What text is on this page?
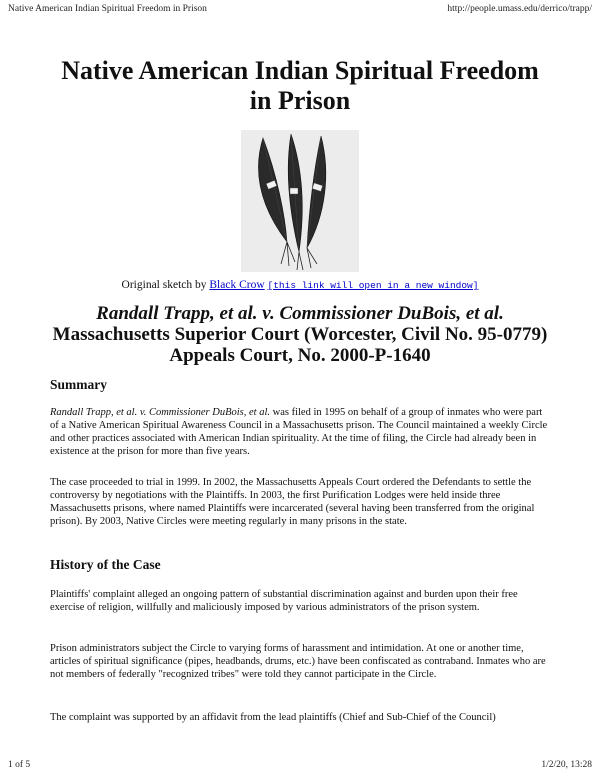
Native American Indian Spiritual Freedom in Prison	http://people.umass.edu/derrico/trapp/
Native American Indian Spiritual Freedom in Prison
Original sketch by Black Crow [this link will open in a new window]
Randall Trapp, et al. v. Commissioner DuBois, et al.
Massachusetts Superior Court (Worcester, Civil No. 95-0779)
Appeals Court, No. 2000-P-1640
Summary

Randall Trapp, et al. v. Commissioner DuBois, et al. was filed in 1995 on behalf of a group of inmates who were part of a Native American Spiritual Awareness Council in a Massachusetts prison. The Council maintained a weekly Circle and other practices associated with American Indian spirituality. At the time of filing, the Circle had already been in existence at the prison for more than five years.

The case proceeded to trial in 1999. In 2002, the Massachusetts Appeals Court ordered the Defendants to settle the controversy by negotiations with the Plaintiffs. In 2003, the first Purification Lodges were held inside three Massachusetts prisons, where named Plaintiffs were incarcerated (several having been transferred from the original prison). By 2003, Native Circles were meeting regularly in many prisons in the state.

History of the Case

Plaintiffs' complaint alleged an ongoing pattern of substantial discrimination against and burden upon their free exercise of religion, willfully and maliciously imposed by various administrators of the prison system.

Prison administrators subject the Circle to varying forms of harassment and intimidation. At one or another time, articles of spiritual significance (pipes, headbands, drums, etc.) have been confiscated as contraband. Inmates who are not members of federally "recognized tribes" were told they cannot participate in the Circle.

The complaint was supported by an affidavit from the lead plaintiffs (Chief and Sub-Chief of the Council)

1 of 5	1/2/20, 13:28
